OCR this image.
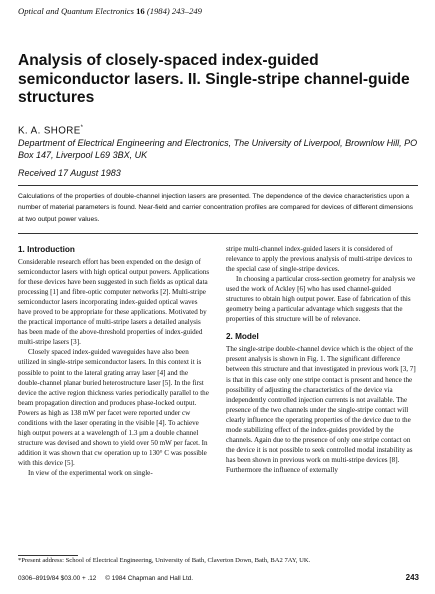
Optical and Quantum Electronics 16 (1984) 243–249
Analysis of closely-spaced index-guided semiconductor lasers. II. Single-stripe channel-guide structures
K. A. SHORE*
Department of Electrical Engineering and Electronics, The University of Liverpool, Brownlow Hill, PO Box 147, Liverpool L69 3BX, UK
Received 17 August 1983
Calculations of the properties of double-channel injection lasers are presented. The dependence of the device characteristics upon a number of material parameters is found. Near-field and carrier concentration profiles are compared for devices of different dimensions at two output power values.
1. Introduction

Considerable research effort has been expended on the design of semiconductor lasers with high optical output powers. Applications for these devices have been suggested in such fields as optical data processing [1] and fibre-optic computer networks [2]. Multi-stripe semiconductor lasers incorporating index-guided optical waves have proved to be appropriate for these applications. Motivated by the practical importance of multi-stripe lasers a detailed analysis has been made of the above-threshold properties of index-guided multi-stripe lasers [3].

Closely spaced index-guided waveguides have also been utilized in single-stripe semiconductor lasers. In this context it is possible to point to the lateral grating array laser [4] and the double-channel planar buried heterostructure laser [5]. In the first device the active region thickness varies periodically parallel to the beam propagation direction and produces phase-locked output. Powers as high as 138 mW per facet were reported under cw conditions with the laser operating in the visible [4]. To achieve high output powers at a wavelength of 1.3 μm a double channel structure was devised and shown to yield over 50 mW per facet. In addition it was shown that cw operation up to 130° C was possible with this device [5].

In view of the experimental work on single-

stripe multi-channel index-guided lasers it is considered of relevance to apply the previous analysis of multi-stripe devices to the special case of single-stripe devices.

In choosing a particular cross-section geometry for analysis we used the work of Ackley [6] who has used channel-guided structures to obtain high output power. Ease of fabrication of this geometry being a particular advantage which suggests that the properties of this structure will be of relevance.

2. Model

The single-stripe double-channel device which is the object of the present analysis is shown in Fig. 1. The significant difference between this structure and that investigated in previous work [3, 7] is that in this case only one stripe contact is present and hence the possibility of adjusting the characteristics of the device via independently controlled injection currents is not available. The presence of the two channels under the single-stripe contact will clearly influence the operating properties of the device due to the mode stabilizing effect of the index-guides provided by the channels. Again due to the presence of only one stripe contact on the device it is not possible to seek controlled modal instability as has been shown in previous work on multi-stripe devices [8]. Furthermore the influence of externally

*Present address: School of Electrical Engineering, University of Bath, Claverton Down, Bath, BA2 7AY, UK.
0306–8919/84 $03.00 + .12     © 1984 Chapman and Hall Ltd.	243
